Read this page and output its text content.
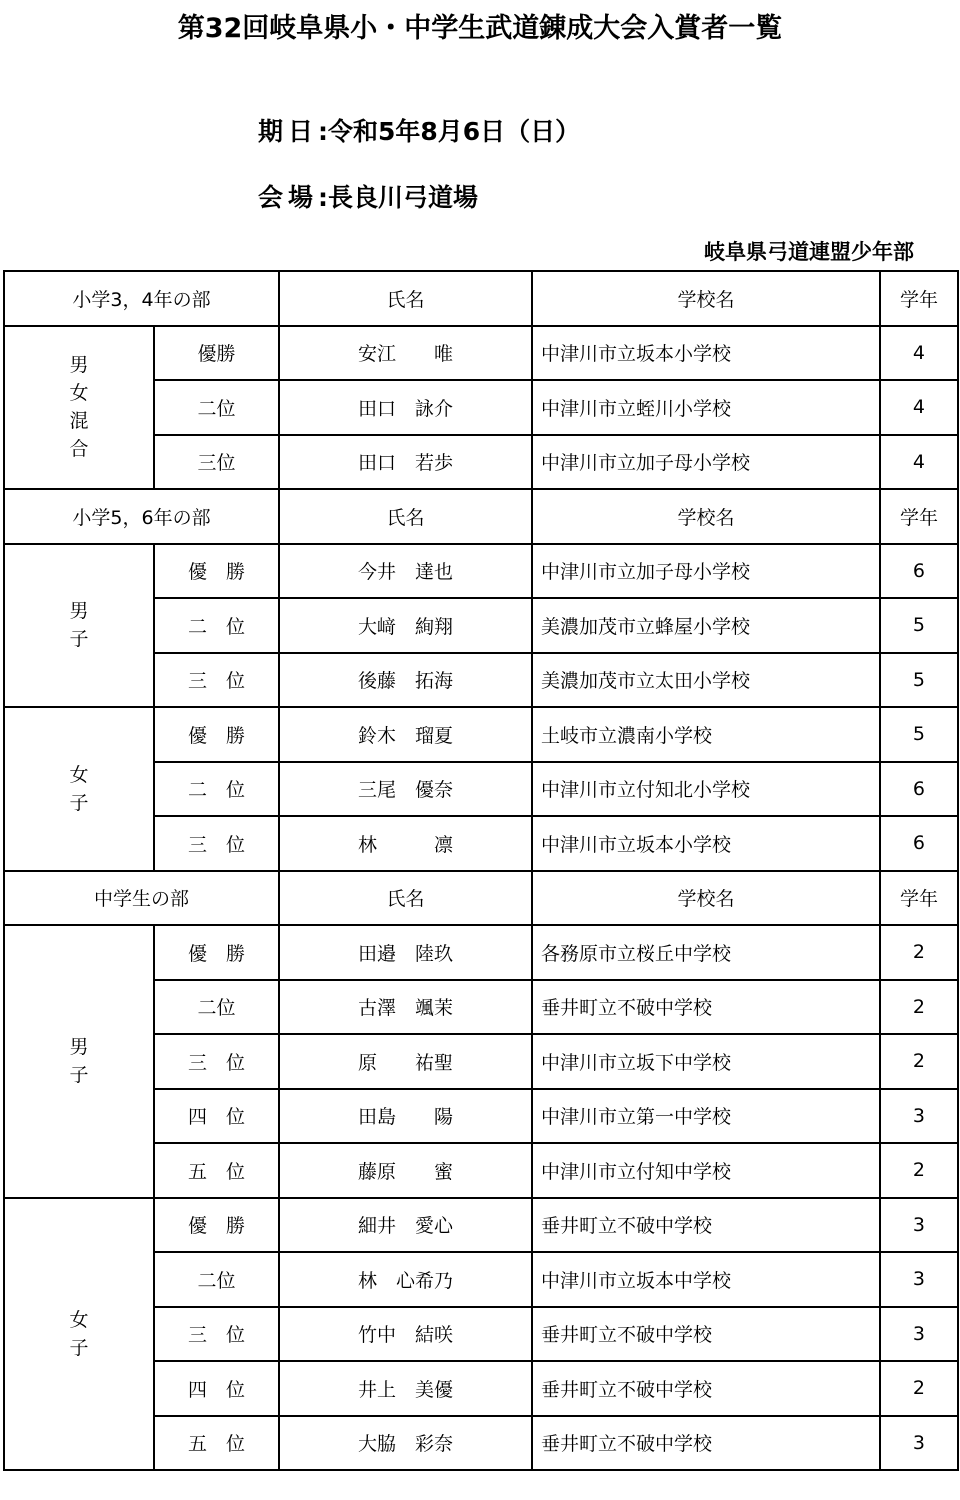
第32回岐阜県小・中学生武道錬成大会入賞者一覧
期 日 :令和5年8月6日（日）
会 場 :長良川弓道場
岐阜県弓道連盟少年部
小学3，4年の部		氏名	学校名	学年
男
女
混
合	優勝	安江　　唯	中津川市立坂本小学校	4
	二位	田口　詠介	中津川市立蛭川小学校	4
	三位	田口　若歩	中津川市立加子母小学校	4
小学5，6年の部		氏名	学校名	学年
男
子	優　勝	今井　達也	中津川市立加子母小学校	6
	二　位	大﨑　絢翔	美濃加茂市立蜂屋小学校	5
	三　位	後藤　拓海	美濃加茂市立太田小学校	5
女
子	優　勝	鈴木　瑠夏	土岐市立濃南小学校	5
	二　位	三尾　優奈	中津川市立付知北小学校	6
	三　位	林　　　凛	中津川市立坂本小学校	6
中学生の部		氏名	学校名	学年
男
子	優　勝	田邉　陸玖	各務原市立桜丘中学校	2
	二位	古澤　颯茉	垂井町立不破中学校	2
	三　位	原　　祐聖	中津川市立坂下中学校	2
	四　位	田島　　陽	中津川市立第一中学校	3
	五　位	藤原　　蜜	中津川市立付知中学校	2
女
子	優　勝	細井　愛心	垂井町立不破中学校	3
	二位	林　心希乃	中津川市立坂本中学校	3
	三　位	竹中　結咲	垂井町立不破中学校	3
	四　位	井上　美優	垂井町立不破中学校	2
	五　位	大脇　彩奈	垂井町立不破中学校	3
